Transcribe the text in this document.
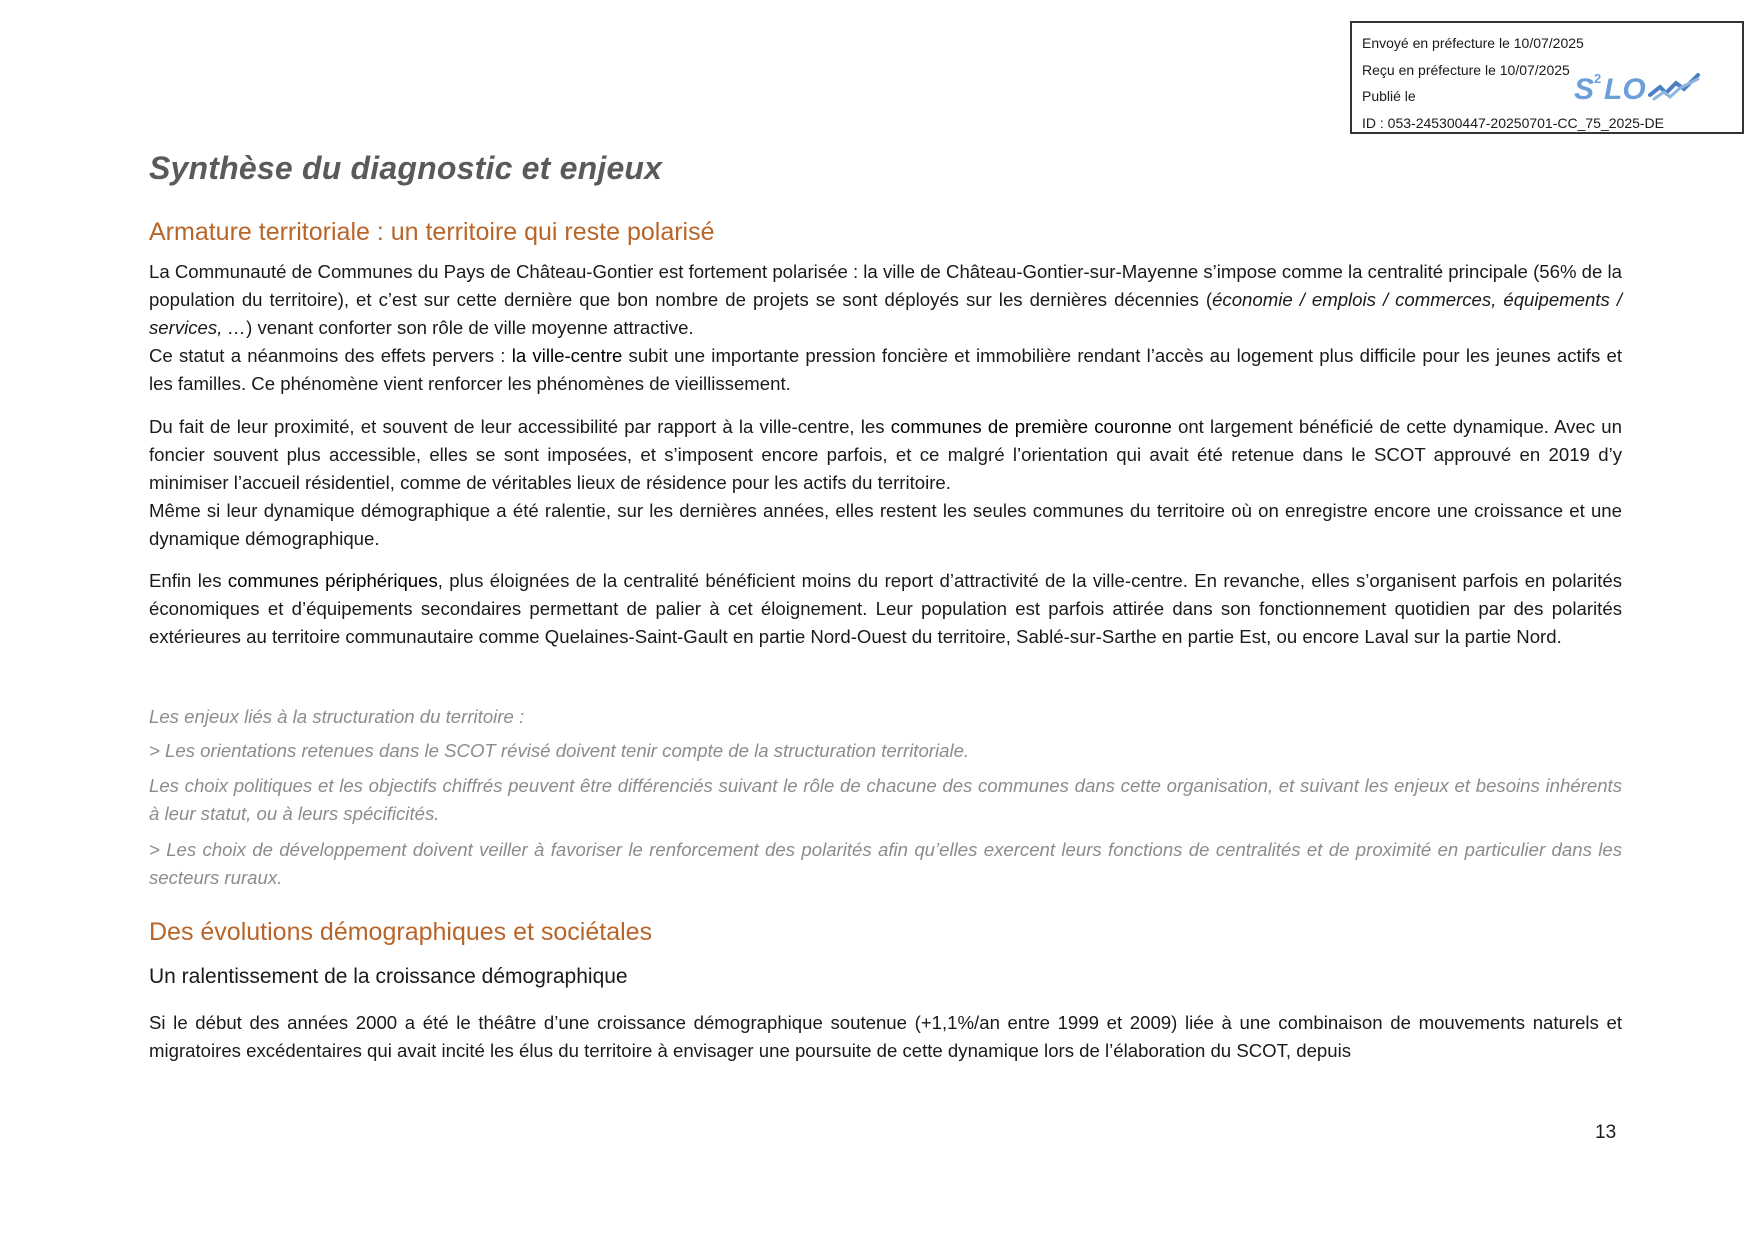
Envoyé en préfecture le 10/07/2025
Reçu en préfecture le 10/07/2025
Publié le
ID : 053-245300447-20250701-CC_75_2025-DE
S 2 LO
Synthèse du diagnostic et enjeux
Armature territoriale : un territoire qui reste polarisé

La Communauté de Communes du Pays de Château-Gontier est fortement polarisée : la ville de Château-Gontier-sur-Mayenne s’impose comme la centralité principale (56% de la population du territoire), et c’est sur cette dernière que bon nombre de projets se sont déployés sur les dernières décennies (économie / emplois / commerces, équipements / services, …) venant conforter son rôle de ville moyenne attractive.

Ce statut a néanmoins des effets pervers : la ville-centre subit une importante pression foncière et immobilière rendant l’accès au logement plus difficile pour les jeunes actifs et les familles. Ce phénomène vient renforcer les phénomènes de vieillissement.

Du fait de leur proximité, et souvent de leur accessibilité par rapport à la ville-centre, les communes de première couronne ont largement bénéficié de cette dynamique. Avec un foncier souvent plus accessible, elles se sont imposées, et s’imposent encore parfois, et ce malgré l’orientation qui avait été retenue dans le SCOT approuvé en 2019 d’y minimiser l’accueil résidentiel, comme de véritables lieux de résidence pour les actifs du territoire.

Même si leur dynamique démographique a été ralentie, sur les dernières années, elles restent les seules communes du territoire où on enregistre encore une croissance et une dynamique démographique.

Enfin les communes périphériques, plus éloignées de la centralité bénéficient moins du report d’attractivité de la ville-centre. En revanche, elles s’organisent parfois en polarités économiques et d’équipements secondaires permettant de palier à cet éloignement. Leur population est parfois attirée dans son fonctionnement quotidien par des polarités extérieures au territoire communautaire comme Quelaines-Saint-Gault en partie Nord-Ouest du territoire, Sablé-sur-Sarthe en partie Est, ou encore Laval sur la partie Nord.

Les enjeux liés à la structuration du territoire :

> Les orientations retenues dans le SCOT révisé doivent tenir compte de la structuration territoriale.

Les choix politiques et les objectifs chiffrés peuvent être différenciés suivant le rôle de chacune des communes dans cette organisation, et suivant les enjeux et besoins inhérents à leur statut, ou à leurs spécificités.

> Les choix de développement doivent veiller à favoriser le renforcement des polarités afin qu’elles exercent leurs fonctions de centralités et de proximité en particulier dans les secteurs ruraux.

Des évolutions démographiques et sociétales
Un ralentissement de la croissance démographique

Si le début des années 2000 a été le théâtre d’une croissance démographique soutenue (+1,1%/an entre 1999 et 2009) liée à une combinaison de mouvements naturels et migratoires excédentaires qui avait incité les élus du territoire à envisager une poursuite de cette dynamique lors de l’élaboration du SCOT, depuis

13
